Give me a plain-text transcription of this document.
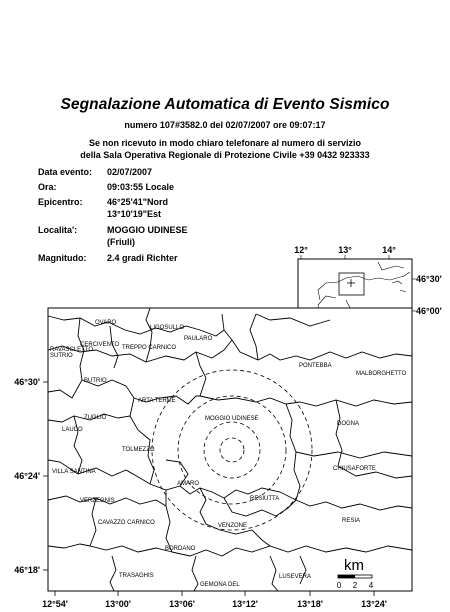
Segnalazione Automatica di Evento Sismico
numero 107#3582.0 del 02/07/2007 ore 09:07:17
Se non ricevuto in modo chiaro telefonare al numero di servizio
della Sala Operativa Regionale di Protezione Civile +39 0432 923333
Data evento: 02/07/2007
Ora:	09:03:55 Locale
Epicentro:	46°25'41"Nord
13°10'19"Est
Localita':	MOGGIO UDINESE
(Friuli)
Magnitudo: 2.4 gradi Richter
12°	13°	14°
46°30'
46°00'
12°54'	13°00'	13°06'	13°12'	13°18'	13°24'
46°30'
46°24'
46°18'
RAVASCLETTO
LIGOSULLO
SUTRIO
PAULARO
OVARO
CERCIVENTO TREPPO CARNICO
PONTEBBA
MALBORGHETTO
BUTRIO
ARTA TERME
ZUGLIO	MOGGIO UDINESE
DOGNA
LAUCO
TOLMEZZO
CHIUSAFORTE
VILLA SANTINA
AMARO
RESIUTTA
VERZEGNIS
CAVAZZO CARNICO	VENZONE
RESIA
BORDANO
TRASAGHIS
GEMONA DEL
LUSEVERA
km
0 2 4
